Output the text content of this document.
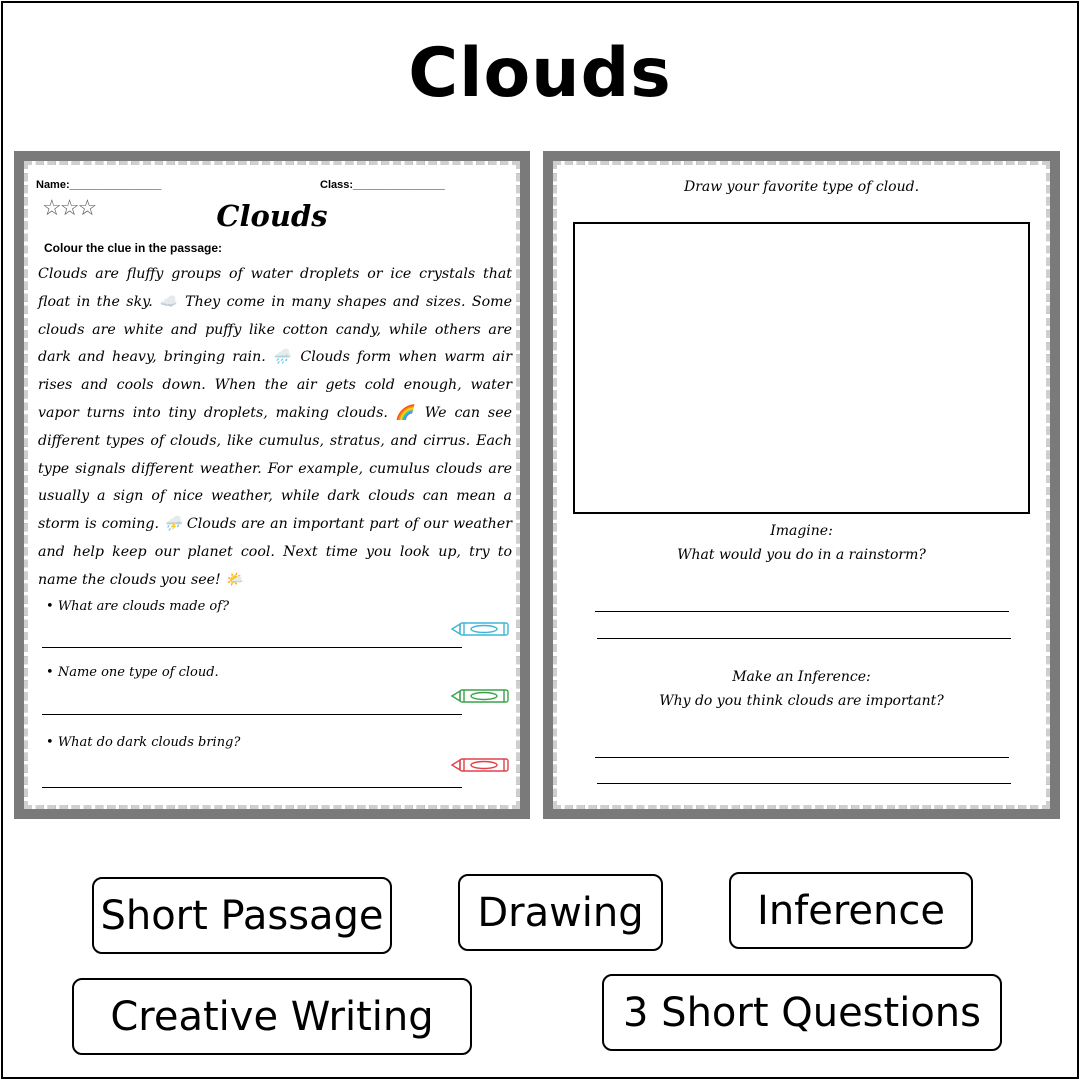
Clouds
Name:_______________	Class:_______________
☆☆☆	Clouds
Colour the clue in the passage:
Clouds are fluffy groups of water droplets or ice crystals that float in the sky. ☁️ They come in many shapes and sizes. Some clouds are white and puffy like cotton candy, while others are dark and heavy, bringing rain. 🌧️ Clouds form when warm air rises and cools down. When the air gets cold enough, water vapor turns into tiny droplets, making clouds. 🌈 We can see different types of clouds, like cumulus, stratus, and cirrus. Each type signals different weather. For example, cumulus clouds are usually a sign of nice weather, while dark clouds can mean a storm is coming. ⛈️ Clouds are an important part of our weather and help keep our planet cool. Next time you look up, try to name the clouds you see! 🌤️
• What are clouds made of?
• Name one type of cloud.
• What do dark clouds bring?
Draw your favorite type of cloud.
Imagine:
What would you do in a rainstorm?
Make an Inference:
Why do you think clouds are important?
Short Passage Drawing	Inference
Creative Writing	3 Short Questions
